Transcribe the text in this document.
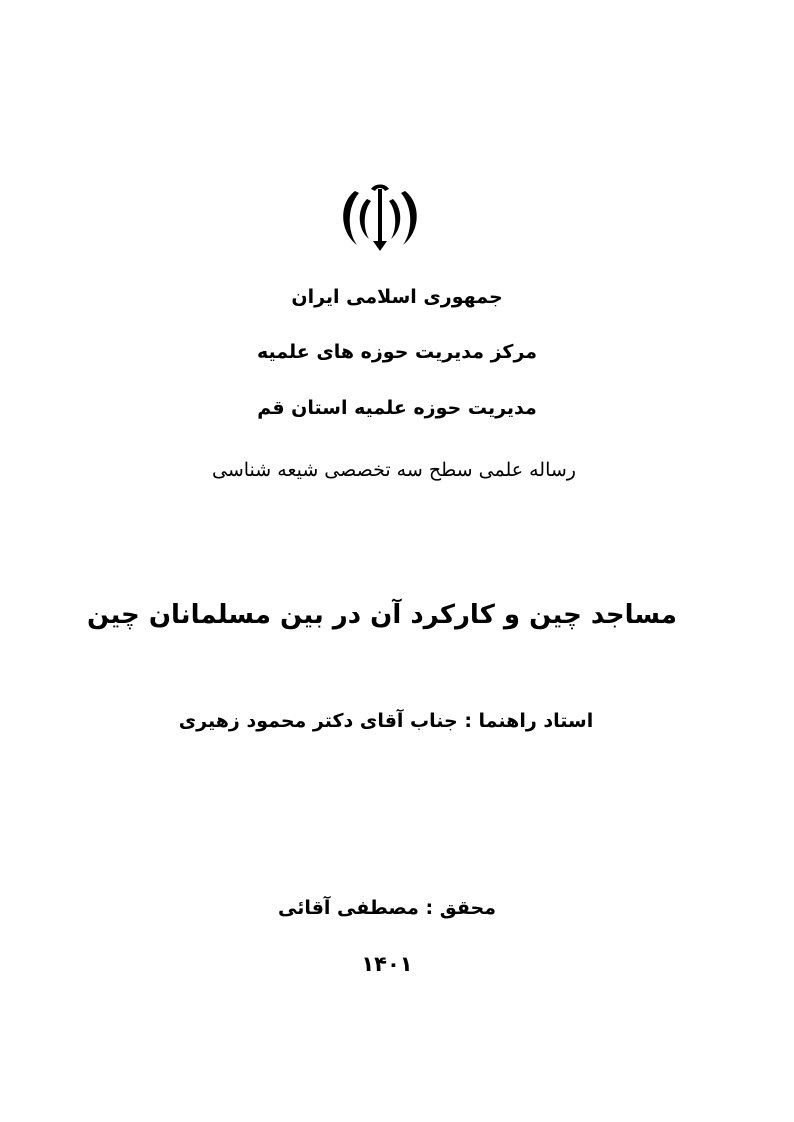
جمهوری اسلامی ایران
مرکز مدیریت حوزه های علمیه
مدیریت حوزه علمیه استان قم
رساله علمی سطح سه تخصصی شیعه شناسی
مساجد چین و کارکرد آن در بین مسلمانان چین
استاد راهنما : جناب آقای دکتر محمود زهیری
محقق : مصطفی آقائی
۱۴۰۱
